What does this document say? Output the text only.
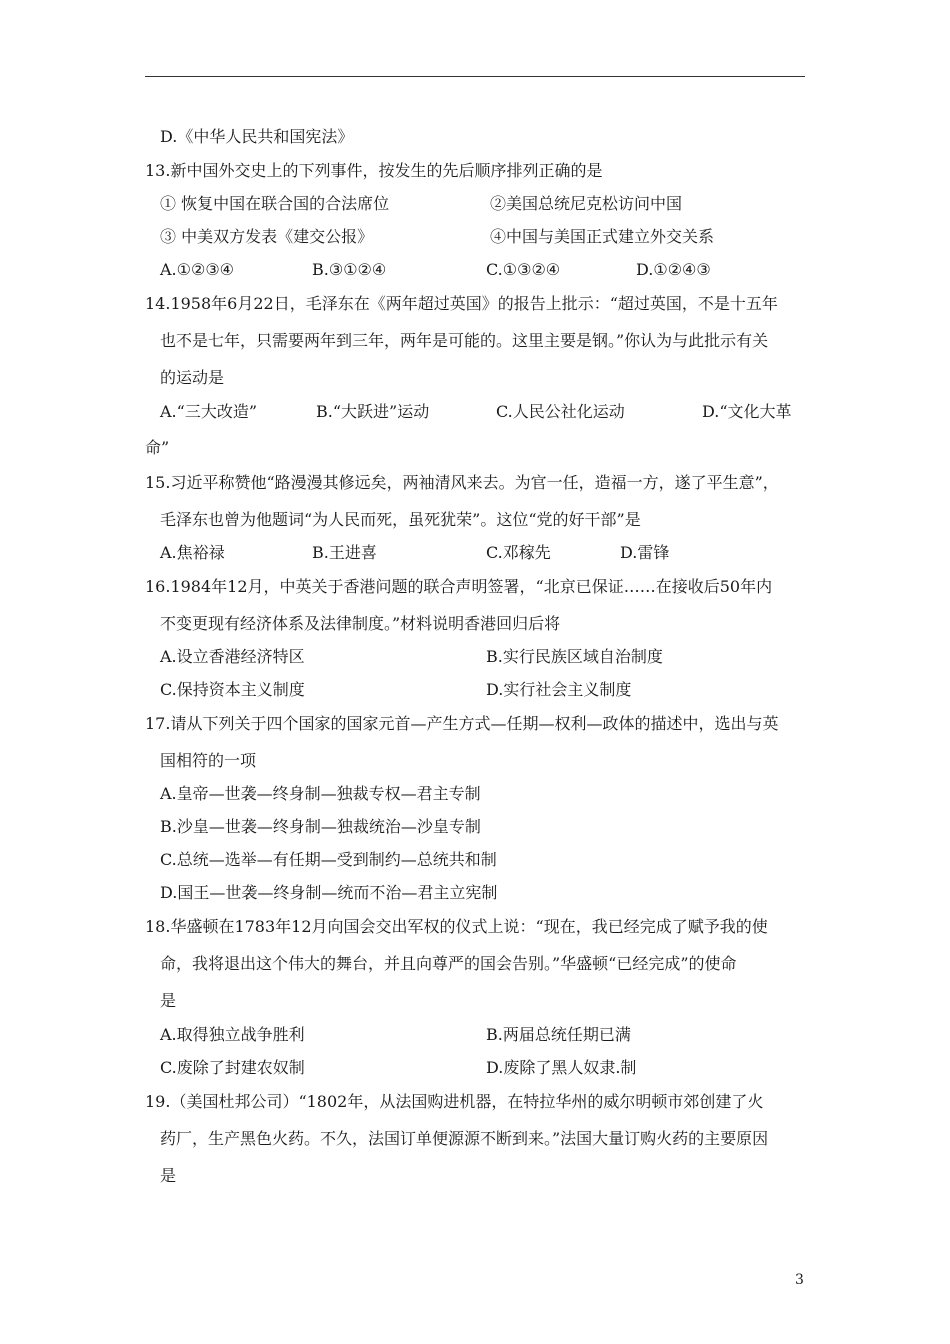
D.《中华人民共和国宪法》
13.新中国外交史上的下列事件，按发生的先后顺序排列正确的是
① 恢复中国在联合国的合法席位	②美国总统尼克松访问中国
③ 中美双方发表《建交公报》	④中国与美国正式建立外交关系
A.①②③④	B.③①②④	C.①③②④	D.①②④③
14.1958年6月22日，毛泽东在《两年超过英国》的报告上批示：“超过英国，不是十五年
也不是七年，只需要两年到三年，两年是可能的。这里主要是钢。”你认为与此批示有关
的运动是
A.“三大改造”	B.“大跃进”运动	C.人民公社化运动	D.“文化大革
命”
15.习近平称赞他“路漫漫其修远矣，两袖清风来去。为官一任，造福一方，遂了平生意”，
毛泽东也曾为他题词“为人民而死，虽死犹荣”。这位“党的好干部”是
A.焦裕禄	B.王进喜	C.邓稼先	D.雷锋
16.1984年12月，中英关于香港问题的联合声明签署，“北京已保证……在接收后50年内
不变更现有经济体系及法律制度。”材料说明香港回归后将
A.设立香港经济特区	B.实行民族区域自治制度
C.保持资本主义制度	D.实行社会主义制度
17.请从下列关于四个国家的国家元首—产生方式—任期—权利—政体的描述中，选出与英
国相符的一项
A.皇帝—世袭—终身制—独裁专权—君主专制
B.沙皇—世袭—终身制—独裁统治—沙皇专制
C.总统—选举—有任期—受到制约—总统共和制
D.国王—世袭—终身制—统而不治—君主立宪制
18.华盛顿在1783年12月向国会交出军权的仪式上说：“现在，我已经完成了赋予我的使
命，我将退出这个伟大的舞台，并且向尊严的国会告别。”华盛顿“已经完成”的使命
是
A.取得独立战争胜利	B.两届总统任期已满
C.废除了封建农奴制	D.废除了黑人奴隶.制
19.（美国杜邦公司）“1802年，从法国购进机器，在特拉华州的威尔明顿市郊创建了火
药厂，生产黑色火药。不久，法国订单便源源不断到来。”法国大量订购火药的主要原因
是
3
